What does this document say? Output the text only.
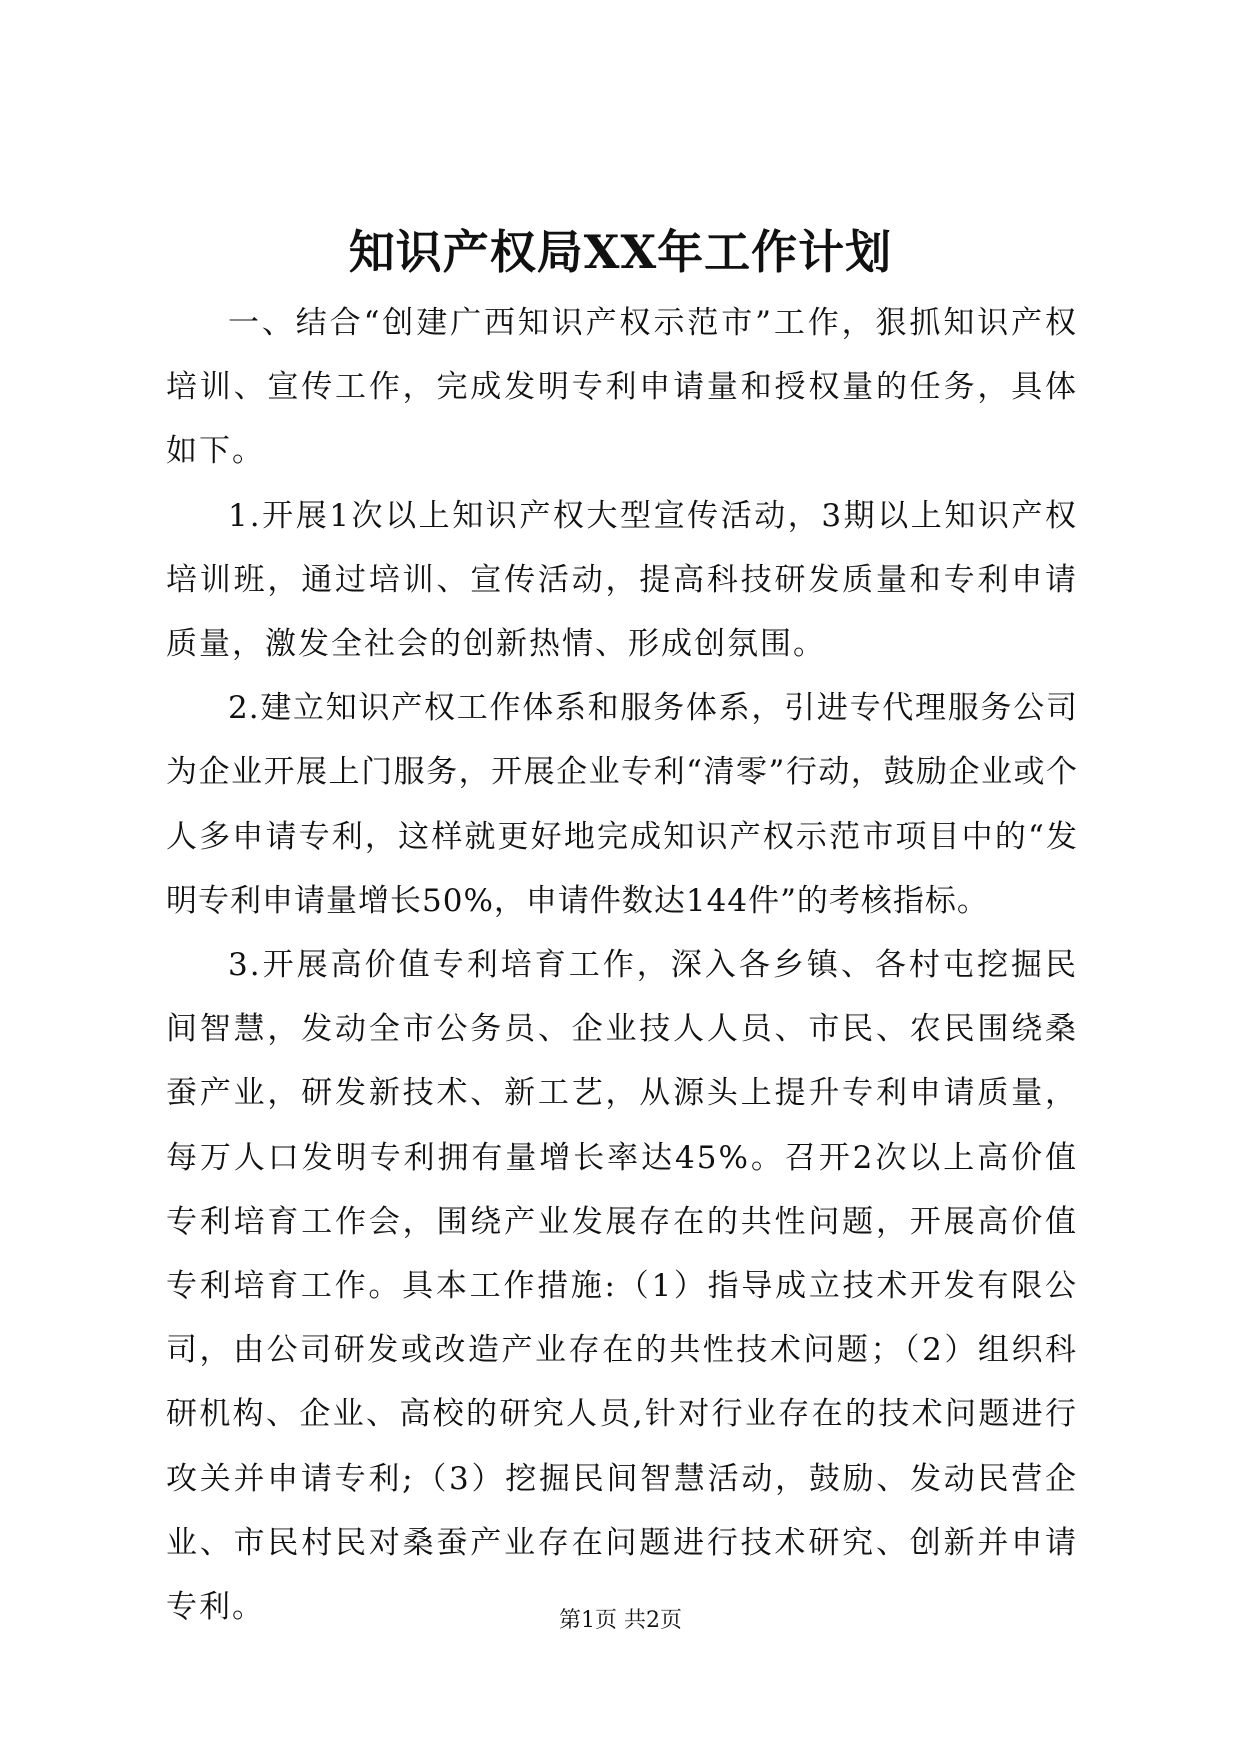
知识产权局XX年工作计划

一、结合“创建广西知识产权示范市”工作，狠抓知识产权培训、宣传工作，完成发明专利申请量和授权量的任务，具体如下。

1.开展1次以上知识产权大型宣传活动，3期以上知识产权培训班，通过培训、宣传活动，提高科技研发质量和专利申请质量，激发全社会的创新热情、形成创氛围。

2.建立知识产权工作体系和服务体系，引进专代理服务公司为企业开展上门服务，开展企业专利“清零”行动，鼓励企业或个人多申请专利，这样就更好地完成知识产权示范市项目中的“发明专利申请量增长50%，申请件数达144件”的考核指标。

3.开展高价值专利培育工作，深入各乡镇、各村屯挖掘民间智慧，发动全市公务员、企业技人人员、市民、农民围绕桑蚕产业，研发新技术、新工艺，从源头上提升专利申请质量，每万人口发明专利拥有量增长率达45%。召开2次以上高价值专利培育工作会，围绕产业发展存在的共性问题，开展高价值专利培育工作。具本工作措施:（1）指导成立技术开发有限公司，由公司研发或改造产业存在的共性技术问题；（2）组织科研机构、企业、高校的研究人员,针对行业存在的技术问题进行攻关并申请专利;（3）挖掘民间智慧活动，鼓励、发动民营企业、市民村民对桑蚕产业存在问题进行技术研究、创新并申请专利。	第1页 共2页
